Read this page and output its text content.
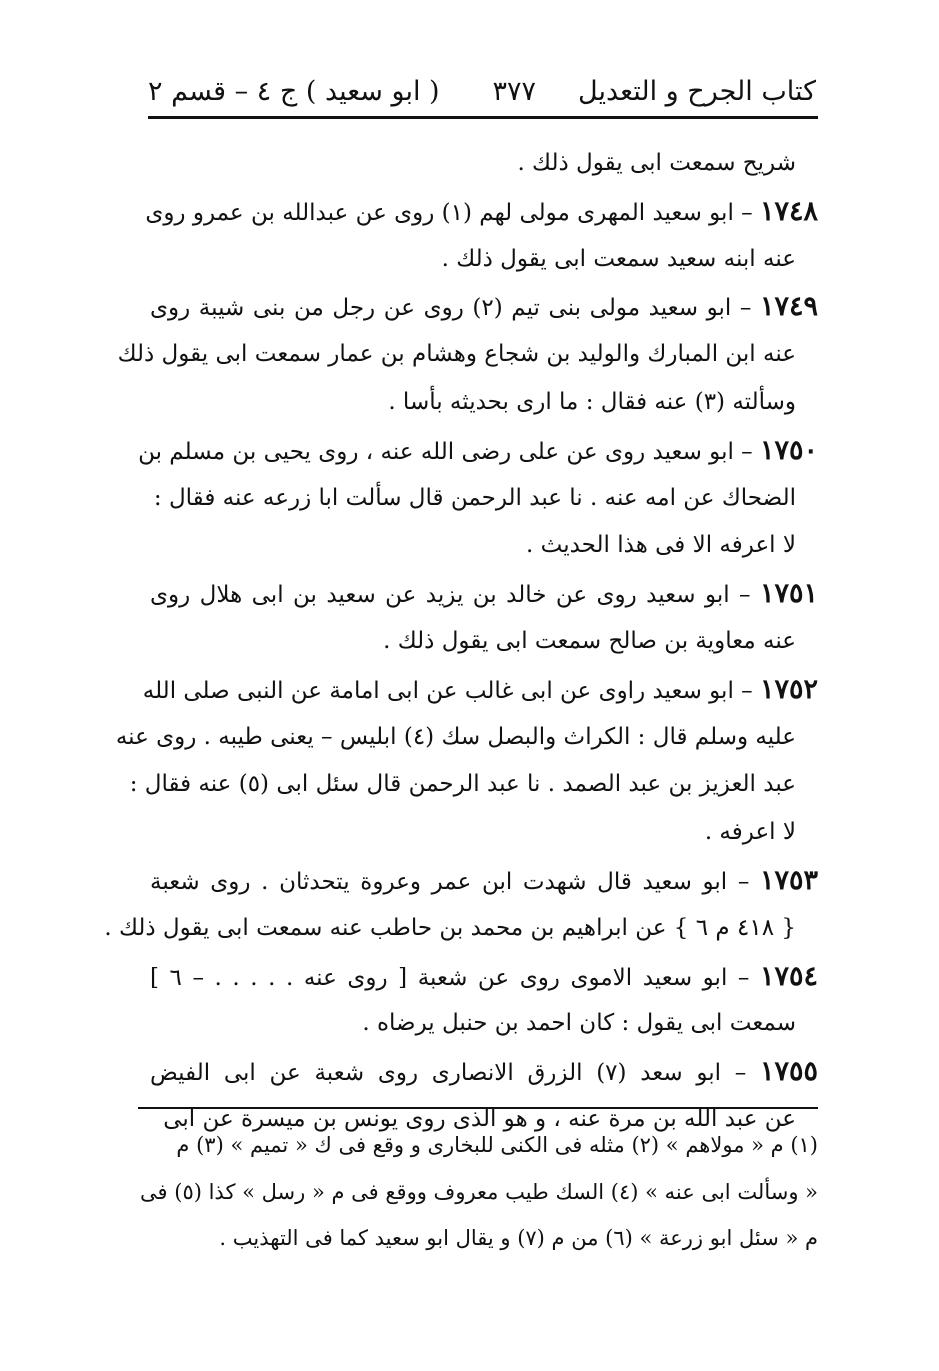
كتاب الجرح و التعديل
٣٧٧
( ابو سعيد ) ج ٤ – قسم ٢
شريح سمعت ابى يقول ذلك .
١٧٤٨ – ابو سعيد المهرى مولى لهم (١) روى عن عبدالله بن عمرو روى
عنه ابنه سعيد سمعت ابى يقول ذلك .
١٧٤٩ – ابو سعيد مولى بنى تيم (٢) روى عن رجل من بنى شيبة روى
عنه ابن المبارك والوليد بن شجاع وهشام بن عمار سمعت ابى يقول ذلك
وسألته (٣) عنه فقال : ما ارى بحديثه بأسا .
١٧٥٠ – ابو سعيد روى عن على رضى الله عنه ، روى يحيى بن مسلم بن
الضحاك عن امه عنه . نا عبد الرحمن قال سألت ابا زرعه عنه فقال :
لا اعرفه الا فى هذا الحديث .
١٧٥١ – ابو سعيد روى عن خالد بن يزيد عن سعيد بن ابى هلال روى
عنه معاوية بن صالح سمعت ابى يقول ذلك .
١٧٥٢ – ابو سعيد راوى عن ابى غالب عن ابى امامة عن النبى صلى الله
عليه وسلم قال : الكراث والبصل سك (٤) ابليس – يعنى طيبه . روى عنه
عبد العزيز بن عبد الصمد . نا عبد الرحمن قال سئل ابى (٥) عنه فقال :
لا اعرفه .
١٧٥٣ – ابو سعيد قال شهدت ابن عمر وعروة يتحدثان . روى شعبة
{ ٤١٨ م ٦ } عن ابراهيم بن محمد بن حاطب عنه سمعت ابى يقول ذلك .
١٧٥٤ – ابو سعيد الاموى روى عن شعبة [ روى عنه . . . . . – ٦ ]
سمعت ابى يقول : كان احمد بن حنبل يرضاه .
١٧٥٥ – ابو سعد (٧) الزرق الانصارى روى شعبة عن ابى الفيض
عن عبد الله بن مرة عنه ، و هو الذى روى يونس بن ميسرة عن ابى
(١) م « مولاهم » (٢) مثله فى الكنى للبخارى و وقع فى ك « تميم » (٣) م
« وسألت ابى عنه » (٤) السك طيب معروف ووقع فى م « رسل » كذا (٥) فى
م « سئل ابو زرعة » (٦) من م (٧) و يقال ابو سعيد كما فى التهذيب .
